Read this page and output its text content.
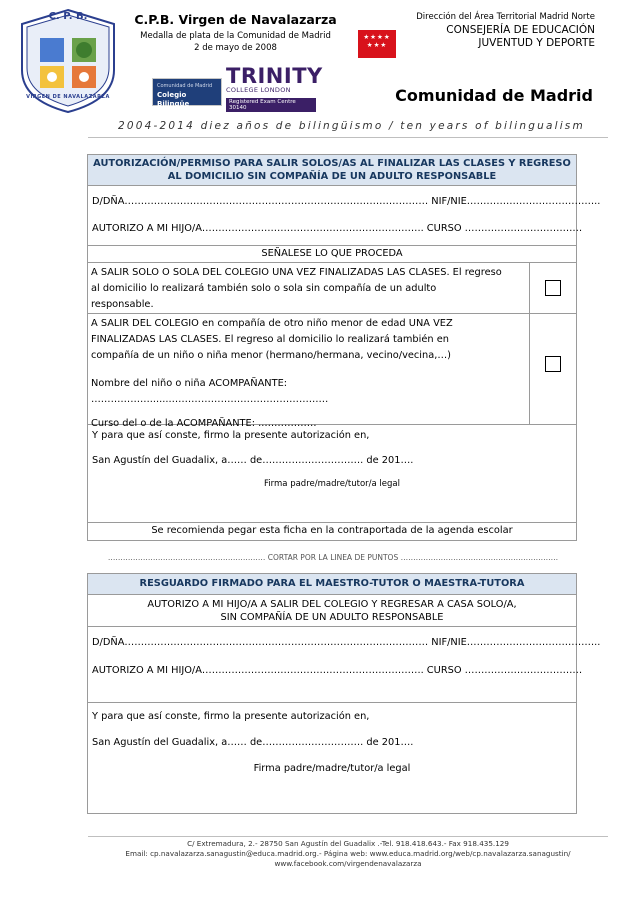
C. P. B.
VIRGEN DE NAVALAZARZA
C.P.B. Virgen de Navalazarza
Medalla de plata de la Comunidad de Madrid
2 de mayo de 2008
Comunidad de Madrid
Colegio Bilingüe
TRINITY
COLLEGE LONDON
Registered Exam Centre 30140
★★★★
★★★
Dirección del Área Territorial Madrid Norte
CONSEJERÍA DE EDUCACIÓN
JUVENTUD Y DEPORTE
Comunidad de Madrid
2004-2014 diez años de bilingüismo / ten years of bilingualism
AUTORIZACIÓN/PERMISO PARA SALIR SOLOS/AS AL FINALIZAR LAS CLASES Y REGRESO
AL DOMICILIO SIN COMPAÑÍA DE UN ADULTO RESPONSABLE
D/DÑA………………………………………………………………………………… NIF/NIE…………………………………..
AUTORIZO A MI HIJO/A………………………………………………………….. CURSO ………………………………
SEÑALESE LO QUE PROCEDA
A SALIR SOLO O SOLA DEL COLEGIO UNA VEZ FINALIZADAS LAS CLASES. El regreso
al domicilio lo realizará también solo o sola sin compañía de un adulto
responsable.
A SALIR DEL COLEGIO en compañía de otro niño menor de edad UNA VEZ
FINALIZADAS LAS CLASES. El regreso al domicilio lo realizará también en
compañía de un niño o niña menor (hermano/hermana, vecino/vecina,…)
Nombre del niño o niña ACOMPAÑANTE: ……………….......…………………………………………
Curso del o de la ACOMPAÑANTE: ..…………….
Y para que así conste, firmo la presente autorización en,
San Agustín del Guadalix, a…… de…………………………. de 201….
Firma padre/madre/tutor/a legal
Se recomienda pegar esta ficha en la contraportada de la agenda escolar
……………………………………………………… CORTAR POR LA LINEA DE PUNTOS ………………………………………………………
RESGUARDO FIRMADO PARA EL MAESTRO-TUTOR O MAESTRA-TUTORA
AUTORIZO A MI HIJO/A A SALIR DEL COLEGIO Y REGRESAR A CASA SOLO/A,
SIN COMPAÑÍA DE UN ADULTO RESPONSABLE
D/DÑA………………………………………………………………………………… NIF/NIE…………………………………..
AUTORIZO A MI HIJO/A………………………………………………………….. CURSO ………………………………
Y para que así conste, firmo la presente autorización en,
San Agustín del Guadalix, a…… de…………………………. de 201….
Firma padre/madre/tutor/a legal
C/ Extremadura, 2.- 28750 San Agustín del Guadalix .-Tel. 918.418.643.- Fax 918.435.129
Email: cp.navalazarza.sanagustin@educa.madrid.org.- Página web: www.educa.madrid.org/web/cp.navalazarza.sanagustin/
www.facebook.com/virgendenavalazarza
